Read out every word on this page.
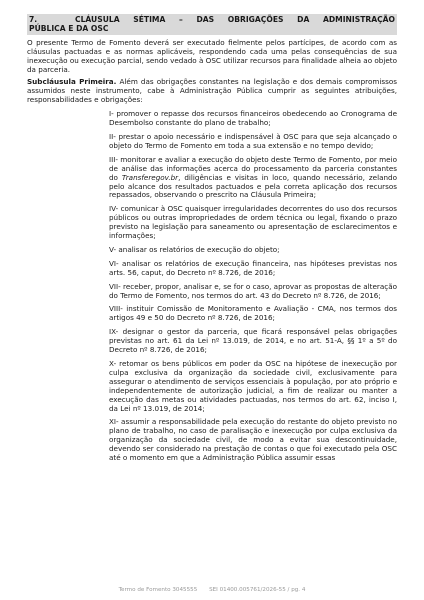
7.	CLÁUSULA SÉTIMA – DAS OBRIGAÇÕES DA ADMINISTRAÇÃO
PÚBLICA E DA OSC

O presente Termo de Fomento deverá ser executado fielmente pelos partícipes, de acordo com as cláusulas pactuadas e as normas aplicáveis, respondendo cada uma pelas consequências de sua inexecução ou execução parcial, sendo vedado à OSC utilizar recursos para finalidade alheia ao objeto da parceria.

Subcláusula Primeira. Além das obrigações constantes na legislação e dos demais compromissos assumidos neste instrumento, cabe à Administração Pública cumprir as seguintes atribuições, responsabilidades e obrigações:

I- promover o repasse dos recursos financeiros obedecendo ao Cronograma de Desembolso constante do plano de trabalho;

II- prestar o apoio necessário e indispensável à OSC para que seja alcançado o objeto do Termo de Fomento em toda a sua extensão e no tempo devido;

III- monitorar e avaliar a execução do objeto deste Termo de Fomento, por meio de análise das informações acerca do processamento da parceria constantes do Transferegov.br, diligências e visitas in loco, quando necessário, zelando pelo alcance dos resultados pactuados e pela correta aplicação dos recursos repassados, observando o prescrito na Cláusula Primeira;

IV- comunicar à OSC quaisquer irregularidades decorrentes do uso dos recursos públicos ou outras impropriedades de ordem técnica ou legal, fixando o prazo previsto na legislação para saneamento ou apresentação de esclarecimentos e informações;

V- analisar os relatórios de execução do objeto;

VI- analisar os relatórios de execução financeira, nas hipóteses previstas nos arts. 56, caput, do Decreto nº 8.726, de 2016;

VII- receber, propor, analisar e, se for o caso, aprovar as propostas de alteração do Termo de Fomento, nos termos do art. 43 do Decreto nº 8.726, de 2016;

VIII- instituir Comissão de Monitoramento e Avaliação - CMA, nos termos dos artigos 49 e 50 do Decreto nº 8.726, de 2016;

IX- designar o gestor da parceria, que ficará responsável pelas obrigações previstas no art. 61 da Lei nº 13.019, de 2014, e no art. 51-A, §§ 1º a 5º do Decreto nº 8.726, de 2016;

X- retomar os bens públicos em poder da OSC na hipótese de inexecução por culpa exclusiva da organização da sociedade civil, exclusivamente para assegurar o atendimento de serviços essenciais à população, por ato próprio e independentemente de autorização judicial, a fim de realizar ou manter a execução das metas ou atividades pactuadas, nos termos do art. 62, inciso I, da Lei nº 13.019, de 2014;

XI- assumir a responsabilidade pela execução do restante do objeto previsto no plano de trabalho, no caso de paralisação e inexecução por culpa exclusiva da organização da sociedade civil, de modo a evitar sua descontinuidade, devendo ser considerado na prestação de contas o que foi executado pela OSC até o momento em que a Administração Pública assumir essas

Termo de Fomento 3045555 SEI 01400.005761/2026-55 / pg. 4
